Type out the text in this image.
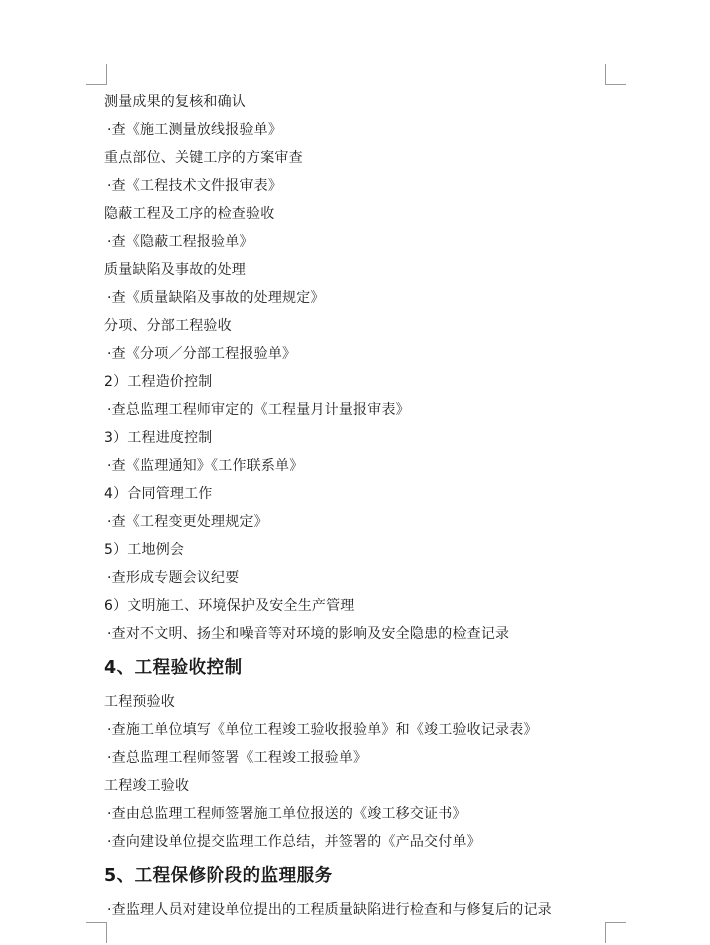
测量成果的复核和确认
·查《施工测量放线报验单》
重点部位、关键工序的方案审查
·查《工程技术文件报审表》
隐蔽工程及工序的检查验收
·查《隐蔽工程报验单》
质量缺陷及事故的处理
·查《质量缺陷及事故的处理规定》
分项、分部工程验收
·查《分项／分部工程报验单》
2）工程造价控制
·查总监理工程师审定的《工程量月计量报审表》
3）工程进度控制
·查《监理通知》《工作联系单》
4）合同管理工作
·查《工程变更处理规定》
5）工地例会
·查形成专题会议纪要
6）文明施工、环境保护及安全生产管理
·查对不文明、扬尘和噪音等对环境的影响及安全隐患的检查记录
4、工程验收控制
工程预验收
·查施工单位填写《单位工程竣工验收报验单》和《竣工验收记录表》
·查总监理工程师签署《工程竣工报验单》
工程竣工验收
·查由总监理工程师签署施工单位报送的《竣工移交证书》
·查向建设单位提交监理工作总结，并签署的《产品交付单》
5、工程保修阶段的监理服务
·查监理人员对建设单位提出的工程质量缺陷进行检查和与修复后的记录
